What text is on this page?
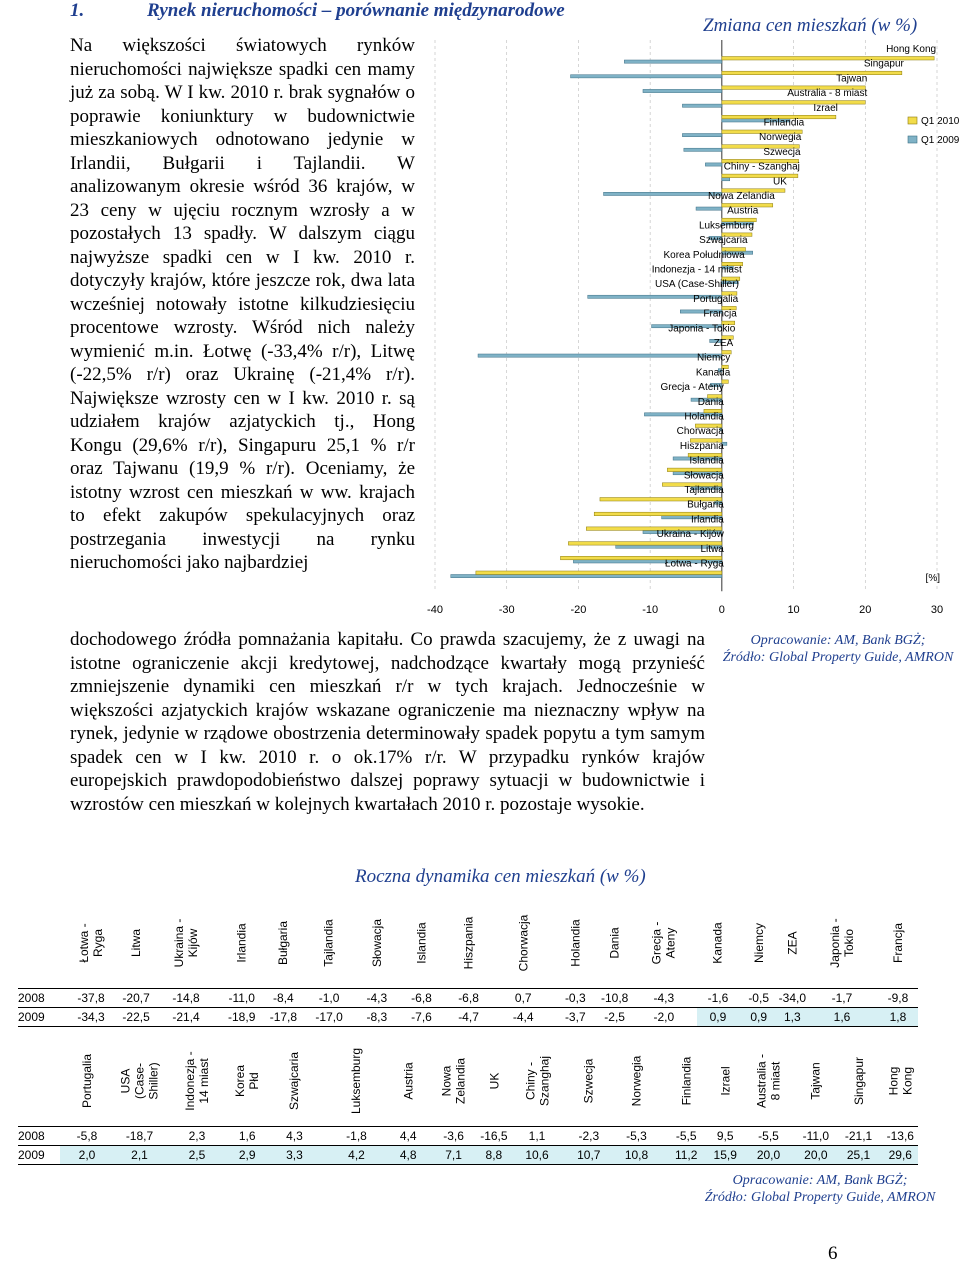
1.	Rynek nieruchomości – porównanie międzynarodowe

Na większości światowych rynków nieruchomości największe spadki cen mamy już za sobą. W I kw. 2010 r. brak sygnałów o poprawie koniunktury w budownictwie mieszkaniowych odnotowano jedynie w Irlandii, Bułgarii i Tajlandii. W analizowanym okresie wśród 36 krajów, w 23 ceny w ujęciu rocznym wzrosły a w pozostałych 13 spadły. W dalszym ciągu najwyższe spadki cen w I kw. 2010 r. dotyczyły krajów, które jeszcze rok, dwa lata wcześniej notowały istotne kilkudziesięciu procentowe wzrosty. Wśród nich należy wymienić m.in. Łotwę (-33,4% r/r), Litwę (-22,5% r/r) oraz Ukrainę (-21,4% r/r). Największe wzrosty cen w I kw. 2010 r. są udziałem krajów azjatyckich tj., Hong Kongu (29,6% r/r), Singapuru 25,1 % r/r oraz Tajwanu (19,9 % r/r). Oceniamy, że istotny wzrost cen mieszkań w ww. krajach to efekt zakupów spekulacyjnych oraz postrzegania inwestycji na rynku nieruchomości jako najbardziej

Zmiana cen mieszkań (w %)
Hong Kong
Singapur
Tajwan
Australia - 8 miast
Izrael
Finlandia
Norwegia
Szwecja
Chiny - Szanghaj
UK
Nowa Zelandia
Austria
Luksemburg
Szwajcaria
Korea Południowa
Indonezja - 14 miast
USA (Case-Shiller)
Portugalia
Francja
Japonia - Tokio
ZEA
Niemcy
Kanada
Grecja - Ateny
Dania
Holandia
Chorwacja
Hiszpania
Islandia
Słowacja
Tajlandia
Bułgaria
Irlandia
Ukraina - Kijów
Litwa
Łotwa - Ryga
-40	-30	-20	-10	0	10	20	30
Q1 2010
Q1 2009
[%]
Opracowanie: AM, Bank BGŻ;
Źródło: Global Property Guide, AMRON

dochodowego źródła pomnażania kapitału. Co prawda szacujemy, że z uwagi na istotne ograniczenie akcji kredytowej, nadchodzące kwartały mogą przynieść zmniejszenie dynamiki cen mieszkań r/r w tych krajach. Jednocześnie w większości azjatyckich krajów wskazane ograniczenie ma nieznaczny wpływ na rynek, jedynie w rządowe obostrzenia determinowały spadek popytu a tym samym spadek cen w I kw. 2010 r. o ok.17% r/r. W przypadku rynków krajów europejskich prawdopodobieństwo dalszej poprawy sytuacji w budownictwie i wzrostów cen mieszkań w kolejnych kwartałach 2010 r. pozostaje wysokie.

Roczna dynamika cen mieszkań (w %)
	Łotwa - Ryga	Litwa	Ukraina - Kijów	Irlandia	Bułgaria	Tajlandia	Słowacja	Islandia	Hiszpania	Chorwacja	Holandia	Dania	Grecja - Ateny	Kanada	Niemcy	ZEA	Japonia - Tokio	Francja
2008	-37,8	-20,7	-14,8	-11,0	-8,4	-1,0	-4,3	-6,8	-6,8	0,7	-0,3	-10,8	-4,3	-1,6	-0,5	-34,0	-1,7	-9,8
2009	-34,3	-22,5	-21,4	-18,9	-17,8	-17,0	-8,3	-7,6	-4,7	-4,4	-3,7	-2,5	-2,0	0,9	0,9	1,3	1,6	1,8
	Portugalia	USA (Case-Shiller)	Indonezja - 14 miast	Korea Płd	Szwajcaria	Luksemburg	Austria	Nowa Zelandia	UK	Chiny - Szanghaj	Szwecja	Norwegia	Finlandia	Izrael	Australia - 8 miast	Tajwan	Singapur	Hong Kong
2008	-5,8	-18,7	2,3	1,6	4,3	-1,8	4,4	-3,6	-16,5	1,1	-2,3	-5,3	-5,5	9,5	-5,5	-11,0	-21,1	-13,6
2009	2,0	2,1	2,5	2,9	3,3	4,2	4,8	7,1	8,8	10,6	10,7	10,8	11,2	15,9	20,0	20,0	25,1	29,6
Opracowanie: AM, Bank BGŻ;
Źródło: Global Property Guide, AMRON
6
